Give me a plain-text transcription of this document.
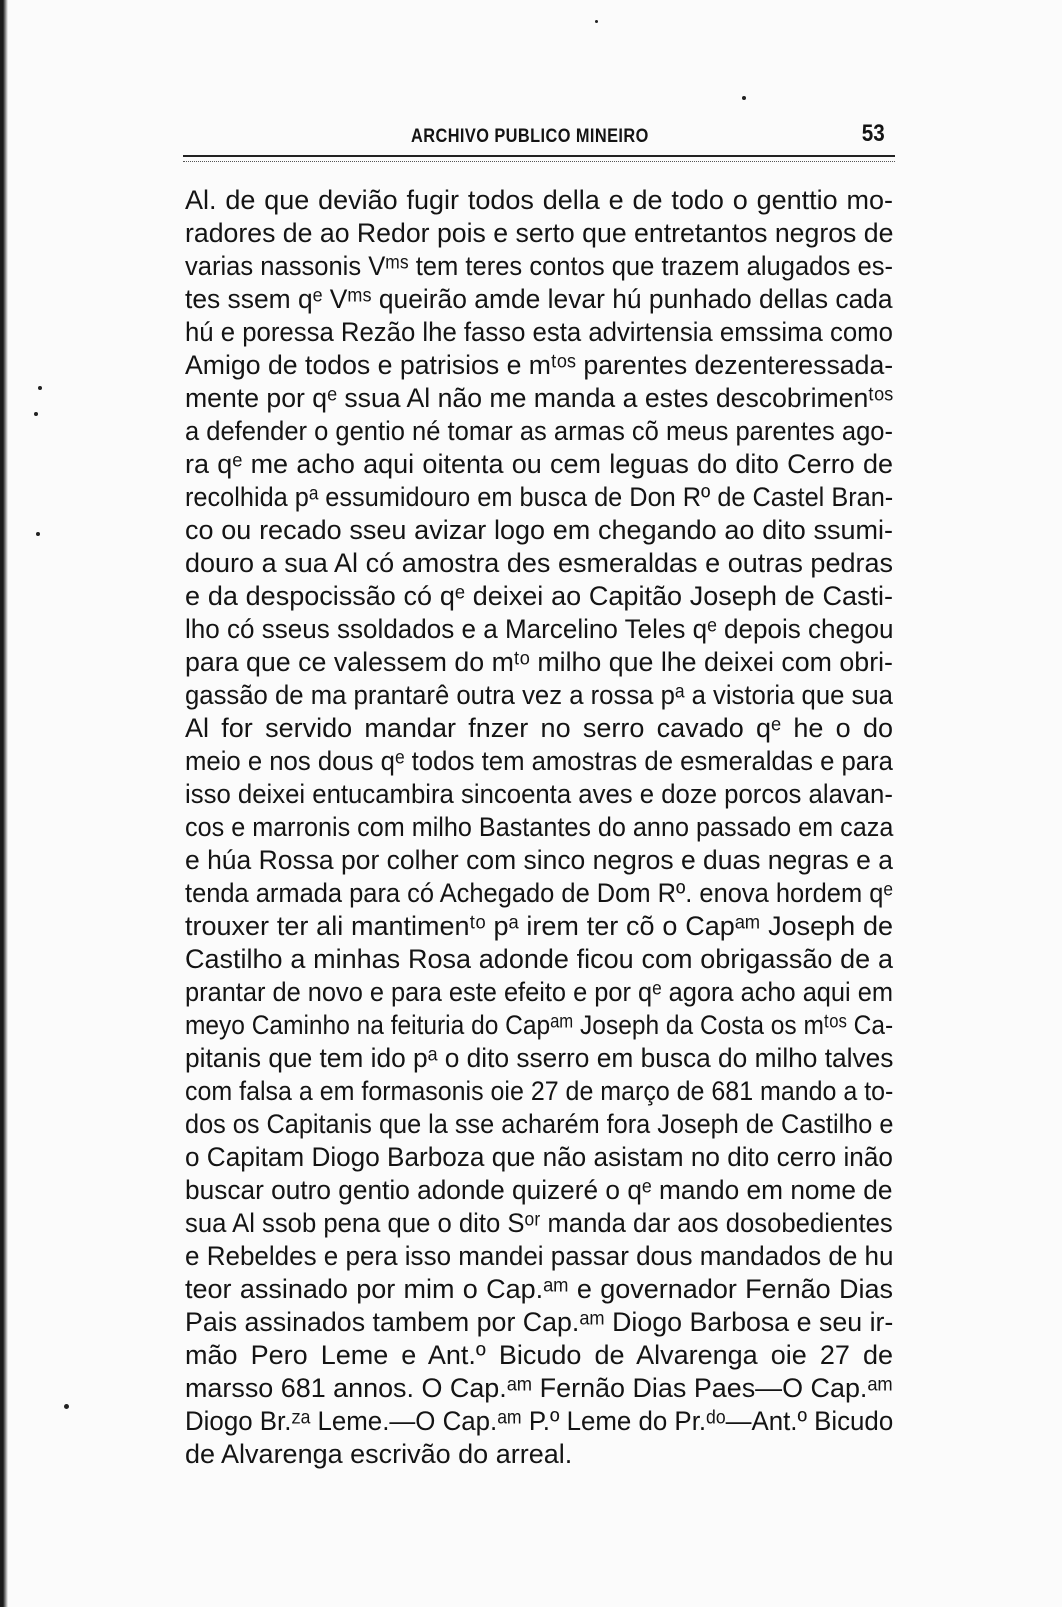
ARCHIVO PUBLICO MINEIRO	53
Al. de que devião fugir todos della e de todo o genttio mo-
radores de ao Redor pois e serto que entretantos negros de
varias nassonis Vᵐˢ tem teres contos que trazem alugados es-
tes ssem qᵉ Vᵐˢ queirão amde levar hú punhado dellas cada
hú e poressa Rezão lhe fasso esta advirtensia emssima como
Amigo de todos e patrisios e mᵗᵒˢ parentes dezenteressada-
mente por qᵉ ssua Al não me manda a estes descobrimenᵗᵒˢ
a defender o gentio né tomar as armas cõ meus parentes ago-
ra qᵉ me acho aqui oitenta ou cem leguas do dito Cerro de
recolhida pᵃ essumidouro em busca de Don Rº de Castel Bran-
co ou recado sseu avizar logo em chegando ao dito ssumi-
douro a sua Al có amostra des esmeraldas e outras pedras
e da despocissão có qᵉ deixei ao Capitão Joseph de Casti-
lho có sseus ssoldados e a Marcelino Teles qᵉ depois chegou
para que ce valessem do mᵗᵒ milho que lhe deixei com obri-
gassão de ma prantarê outra vez a rossa pᵃ a vistoria que sua
Al for servido mandar fnzer no serro cavado qᵉ he o do
meio e nos dous qᵉ todos tem amostras de esmeraldas e para
isso deixei entucambira sincoenta aves e doze porcos alavan-
cos e marronis com milho Bastantes do anno passado em caza
e húa Rossa por colher com sinco negros e duas negras e a
tenda armada para có Achegado de Dom Rº. enova hordem qᵉ
trouxer ter ali mantimenᵗᵒ pᵃ irem ter cõ o Capᵃᵐ Joseph de
Castilho a minhas Rosa adonde ficou com obrigassão de a
prantar de novo e para este efeito e por qᵉ agora acho aqui em
meyo Caminho na feituria do Capᵃᵐ Joseph da Costa os mᵗᵒˢ Ca-
pitanis que tem ido pᵃ o dito sserro em busca do milho talves
com falsa a em formasonis oie 27 de março de 681 mando a to-
dos os Capitanis que la sse acharém fora Joseph de Castilho e
o Capitam Diogo Barboza que não asistam no dito cerro inão
buscar outro gentio adonde quizeré o qᵉ mando em nome de
sua Al ssob pena que o dito Sᵒʳ manda dar aos dosobedientes
e Rebeldes e pera isso mandei passar dous mandados de hu
teor assinado por mim o Cap.ᵃᵐ e governador Fernão Dias
Pais assinados tambem por Cap.ᵃᵐ Diogo Barbosa e seu ir-
mão Pero Leme e Ant.º Bicudo de Alvarenga oie 27 de
marsso 681 annos. O Cap.ᵃᵐ Fernão Dias Paes—O Cap.ᵃᵐ
Diogo Br.ᶻᵃ Leme.—O Cap.ᵃᵐ P.º Leme do Pr.ᵈᵒ—Ant.º Bicudo
de Alvarenga escrivão do arreal.
